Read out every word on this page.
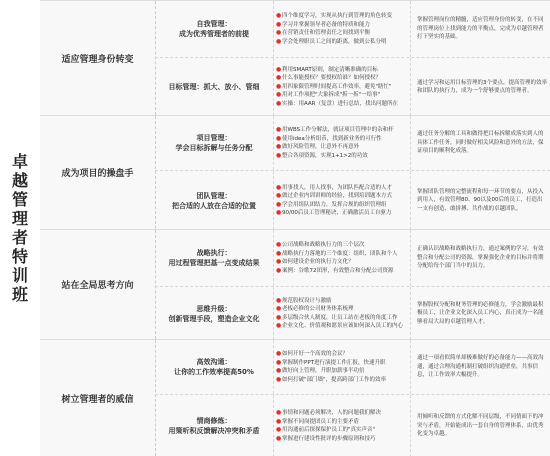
卓
越
管
理
者
特
训
班
适应管理身份转变
自我管理：
成为优秀管理者的前提
● 四个维度学习，实现从执行到管理的角色转变
● 学习并掌握领导者必备的特质和能力
● 在营销责任和管理责任之间找到平衡
● 学会处理职员工之间的距离，做到公私分明
掌握管理岗位的精髓，适应管理身份的转变，在不同的管理岗位上找到能力的平衡点，完成为卓越管理者打下坚实的基础。
目标管理：抓大、放小、管细
● 利用SMART原则，制定清晰准确的目标
● 什么事能授权？要授权给谁？如何授权？
● 用四象限管理时间提高工作效率，避免"瞎忙"
● 用对工作项把"大象拆成"拆一拆"一给事"
● 实操：用AAR（复盘）进行总结，找出问题所在
通过学习和运用目标管理的3个要点，提高管理的效率和团队的执行力，成为一个舒够要点的管理者。
成为项目的操盘手
项目管理：
学会目标拆解与任务分配
● 用WBS工作分解法，就证项目管理中的杂和杆
● 使用idea分析组币，找到新业务的可行性
● 做好风险管理，让意外不再意外
● 整合各项资源，实现1+1>2的功效
通过任务分解的工具和做得把目标拆解成落实到人的具体工作任务，同时做好相关风险和意外的方法，保证项目的顺利化成落。
团队管理：
把合适的人放在合适的位置
● 用事找人，用人找事，为团队匹配合适的人才
● 做过企业内训讲师的经验，找到培训题本方式
● 学会用组队团结力，发挥合规的组织管理组
● 90/00后员工管理秘诀，正确激活员工自驱力
掌握团队管理的完整流程和每一环节的要点，从投入到用人，有效管理80、90以及00后的员工，打造出一支有创造、敢拼搏、共作战的卓越团队。
站在全局思考方向
战略执行：
用过程管理把基一点变成结果
● 公司战略和战略执行力的三个层次
● 战略执行力落地的三个维度：组织、团队和个人
● 如何建设企业的执行力文化？
● 案例：谷歌72团形，有效整合和分配公司资源
正确认识战略和战略执行力，通过案例的学习，有效整合和分配公司的资源，掌握强化企业的目标并将期分配给每个部门当中的员力。
思维升级：
创新管理手段，塑造企业文化
● 规范股权设计与激励
● 老板必修的公司财务体系梳理
● 多层级合伙人制度，让员工站在老板的角度工作
● 企业文化、价值观和愿景应该如何深入员工的内心
掌握股权分配和财务管理的必修能力，学会激励最积极员工，让企业文化深入员工内心，真正成为一名能够看局大局的卓越管理人才。
树立管理者的威信
高效沟通：
让你的工作效率提高50%
● 如何开好一个高效的会议？
● 掌握制作PPT进行演提工作汇报，快速升职
● 做好向上管理，升职加薪事半功倍
● 如何打破"部门墙"，提高跨部门工作的效率
通过一项看似简单却极难做好的必备能力——高效沟通，通过合理沟通机制打破组织沟通壁垒，共事信息，让工作效率大幅提升。
情商修炼：
用策听积反馈解决冲突和矛盾
● 事情和问题必须解决，人的问题我们解决
● 掌握不同岗提团员工的主要矛盾
● 用沟通前后探探保护员工的"真实声音"
● 掌握进行建设性批评的步骤原则和技巧
用倾听和反馈的方式化解不同层级，不同情面下的冲突与矛盾，开始能成出一套自身的管理体系，由优秀化变为卓越。
